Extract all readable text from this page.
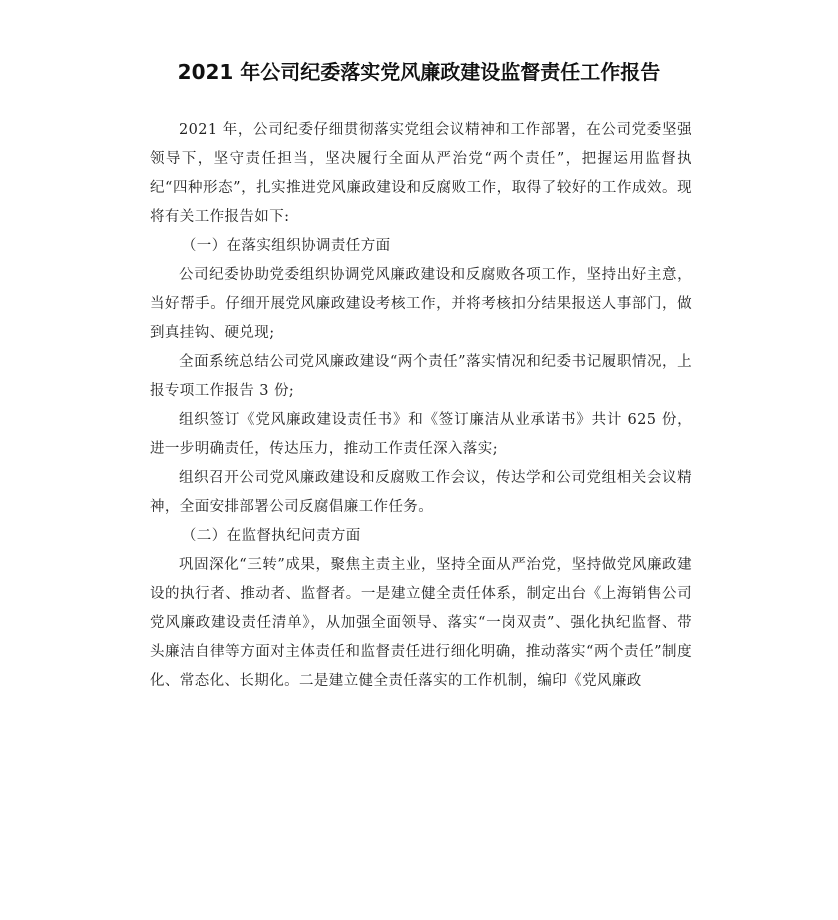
2021 年公司纪委落实党风廉政建设监督责任工作报告

2021 年，公司纪委仔细贯彻落实党组会议精神和工作部署，在公司党委坚强领导下，坚守责任担当，坚决履行全面从严治党“两个责任”，把握运用监督执纪“四种形态”，扎实推进党风廉政建设和反腐败工作，取得了较好的工作成效。现将有关工作报告如下:

（一）在落实组织协调责任方面

公司纪委协助党委组织协调党风廉政建设和反腐败各项工作，坚持出好主意，当好帮手。仔细开展党风廉政建设考核工作，并将考核扣分结果报送人事部门，做到真挂钩、硬兑现;

全面系统总结公司党风廉政建设“两个责任”落实情况和纪委书记履职情况，上报专项工作报告 3 份;

组织签订《党风廉政建设责任书》和《签订廉洁从业承诺书》共计 625 份，进一步明确责任，传达压力，推动工作责任深入落实;

组织召开公司党风廉政建设和反腐败工作会议，传达学和公司党组相关会议精神，全面安排部署公司反腐倡廉工作任务。

（二）在监督执纪问责方面

巩固深化“三转”成果，聚焦主责主业，坚持全面从严治党，坚持做党风廉政建设的执行者、推动者、监督者。一是建立健全责任体系，制定出台《上海销售公司党风廉政建设责任清单》，从加强全面领导、落实“一岗双责”、强化执纪监督、带头廉洁自律等方面对主体责任和监督责任进行细化明确，推动落实“两个责任”制度化、常态化、长期化。二是建立健全责任落实的工作机制，编印《党风廉政
